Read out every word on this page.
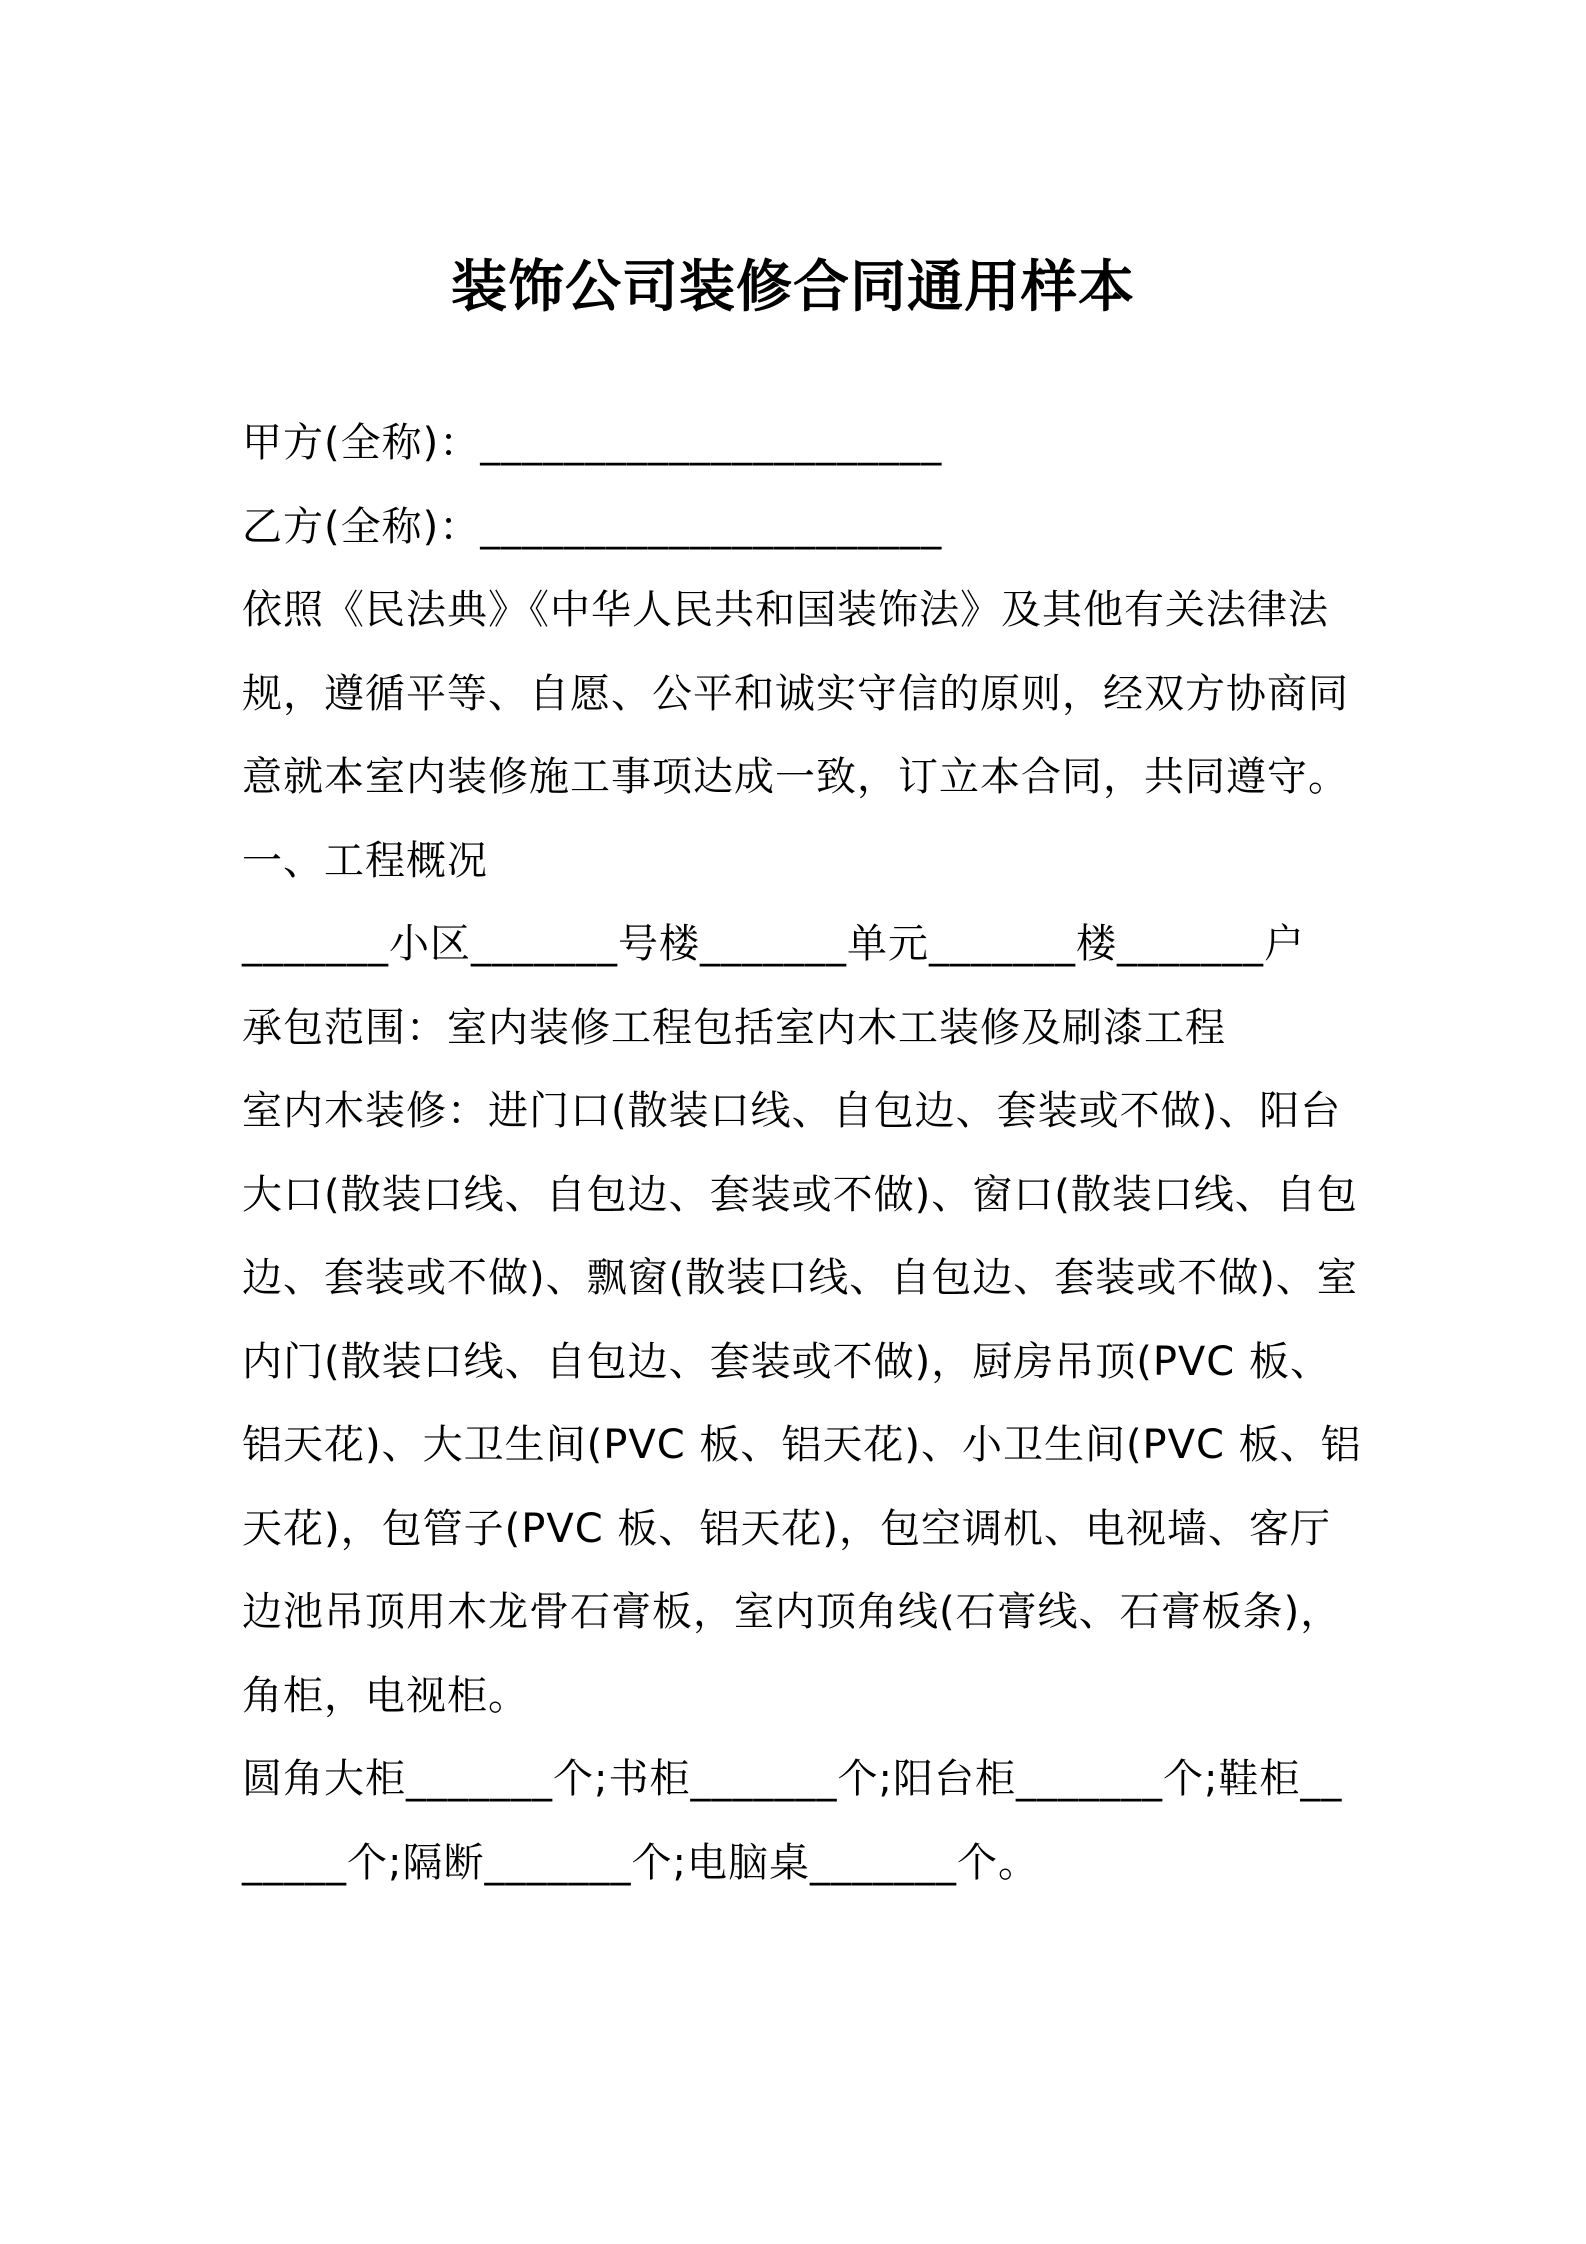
装饰公司装修合同通用样本

甲方(全称)：______________________

乙方(全称)：______________________

依照《民法典》《中华人民共和国装饰法》及其他有关法律法规，遵循平等、自愿、公平和诚实守信的原则，经双方协商同意就本室内装修施工事项达成一致，订立本合同，共同遵守。

一、工程概况

_______小区_______号楼_______单元_______楼_______户

承包范围：室内装修工程包括室内木工装修及刷漆工程

室内木装修：进门口(散装口线、自包边、套装或不做)、阳台大口(散装口线、自包边、套装或不做)、窗口(散装口线、自包边、套装或不做)、飘窗(散装口线、自包边、套装或不做)、室内门(散装口线、自包边、套装或不做)，厨房吊顶(PVC 板、铝天花)、大卫生间(PVC 板、铝天花)、小卫生间(PVC 板、铝天花)，包管子(PVC 板、铝天花)，包空调机、电视墙、客厅边池吊顶用木龙骨石膏板，室内顶角线(石膏线、石膏板条)，角柜，电视柜。

圆角大柜_______个;书柜_______个;阳台柜_______个;鞋柜_______个;隔断_______个;电脑桌_______个。
